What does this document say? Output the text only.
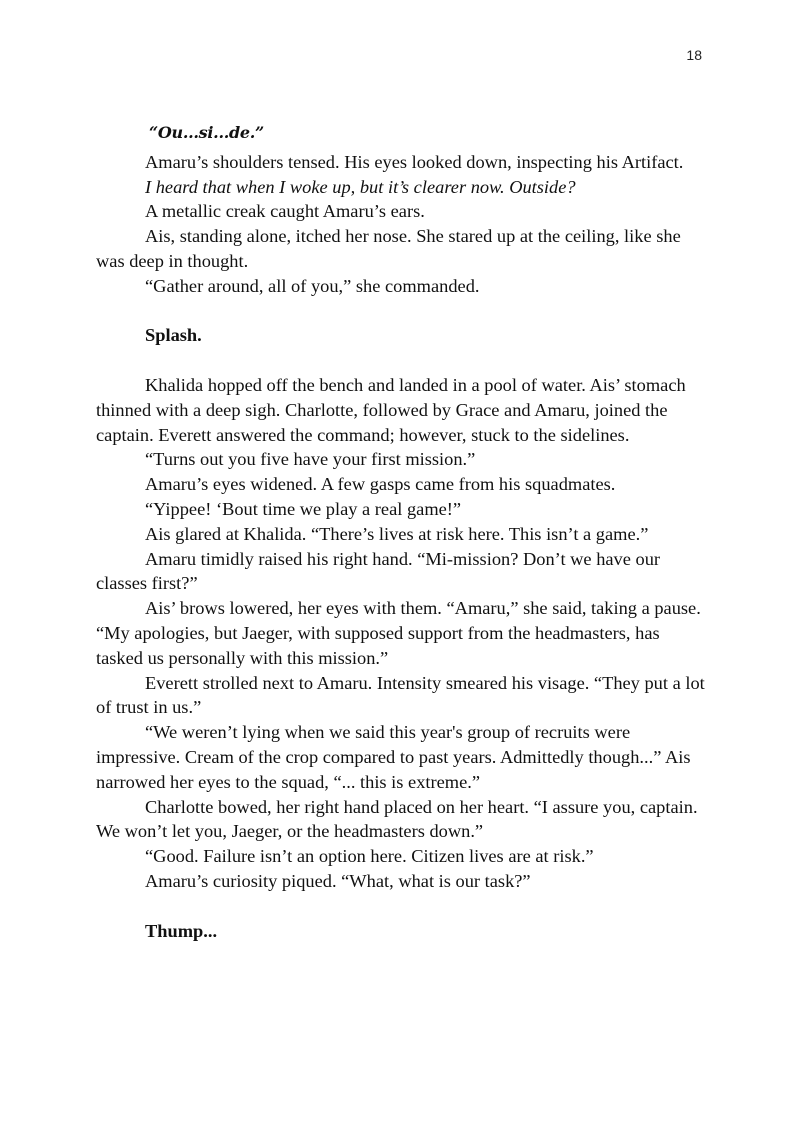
18

“Ou...si...de.”

Amaru’s shoulders tensed. His eyes looked down, inspecting his Artifact.

I heard that when I woke up, but it’s clearer now. Outside?

A metallic creak caught Amaru’s ears.

Ais, standing alone, itched her nose. She stared up at the ceiling, like she was deep in thought.

“Gather around, all of you,” she commanded.

Splash.

Khalida hopped off the bench and landed in a pool of water. Ais’ stomach thinned with a deep sigh. Charlotte, followed by Grace and Amaru, joined the captain. Everett answered the command; however, stuck to the sidelines.

“Turns out you five have your first mission.”

Amaru’s eyes widened. A few gasps came from his squadmates.

“Yippee! ‘Bout time we play a real game!”

Ais glared at Khalida. “There’s lives at risk here. This isn’t a game.”

Amaru timidly raised his right hand. “Mi-mission? Don’t we have our classes first?”

Ais’ brows lowered, her eyes with them. “Amaru,” she said, taking a pause. “My apologies, but Jaeger, with supposed support from the headmasters, has tasked us personally with this mission.”

Everett strolled next to Amaru. Intensity smeared his visage. “They put a lot of trust in us.”

“We weren’t lying when we said this year's group of recruits were impressive. Cream of the crop compared to past years. Admittedly though...” Ais narrowed her eyes to the squad, “... this is extreme.”

Charlotte bowed, her right hand placed on her heart. “I assure you, captain. We won’t let you, Jaeger, or the headmasters down.”

“Good. Failure isn’t an option here. Citizen lives are at risk.”

Amaru’s curiosity piqued. “What, what is our task?”

Thump...
